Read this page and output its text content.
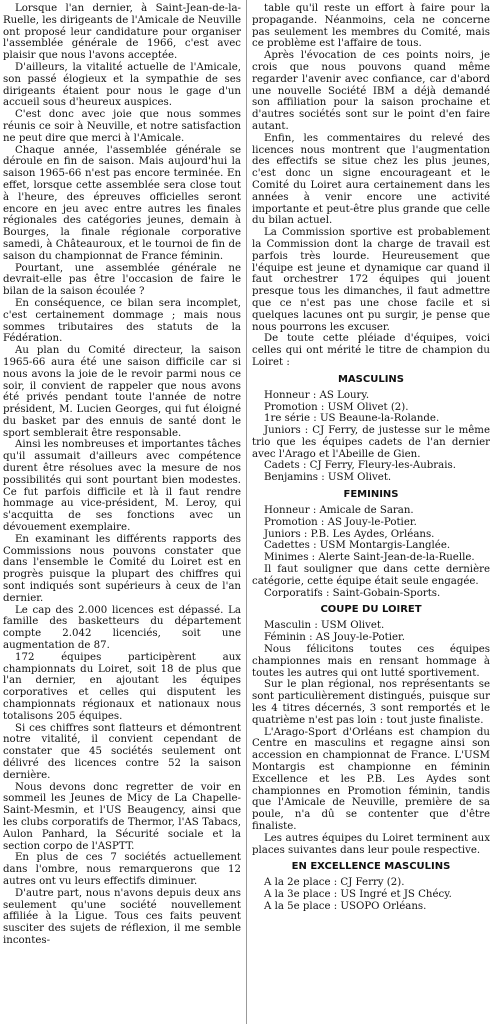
Lorsque l'an dernier, à Saint-Jean-de-la-Ruelle, les dirigeants de l'Amicale de Neuville ont proposé leur candidature pour organiser l'assemblée générale de 1966, c'est avec plaisir que nous l'avons acceptée.

D'ailleurs, la vitalité actuelle de l'Amicale, son passé élogieux et la sympathie de ses dirigeants étaient pour nous le gage d'un accueil sous d'heureux auspices.

C'est donc avec joie que nous sommes réunis ce soir à Neuville, et notre satisfaction ne peut dire que merci à l'Amicale.

Chaque année, l'assemblée générale se déroule en fin de saison. Mais aujourd'hui la saison 1965-66 n'est pas encore terminée. En effet, lorsque cette assemblée sera close tout à l'heure, des épreuves officielles seront encore en jeu avec entre autres les finales régionales des catégories jeunes, demain à Bourges, la finale régionale corporative samedi, à Châteauroux, et le tournoi de fin de saison du championnat de France féminin.

Pourtant, une assemblée générale ne devrait-elle pas être l'occasion de faire le bilan de la saison écoulée ?

En conséquence, ce bilan sera incomplet, c'est certainement dommage ; mais nous sommes tributaires des statuts de la Fédération.

Au plan du Comité directeur, la saison 1965-66 aura été une saison difficile car si nous avons la joie de le revoir parmi nous ce soir, il convient de rappeler que nous avons été privés pendant toute l'année de notre président, M. Lucien Georges, qui fut éloigné du basket par des ennuis de santé dont le sport semblerait être responsable.

Ainsi les nombreuses et importantes tâches qu'il assumait d'ailleurs avec compétence durent être résolues avec la mesure de nos possibilités qui sont pourtant bien modestes. Ce fut parfois difficile et là il faut rendre hommage au vice-président, M. Leroy, qui s'acquitta de ses fonctions avec un dévouement exemplaire.

En examinant les différents rapports des Commissions nous pouvons constater que dans l'ensemble le Comité du Loiret est en progrès puisque la plupart des chiffres qui sont indiqués sont supérieurs à ceux de l'an dernier.

Le cap des 2.000 licences est dépassé. La famille des basketteurs du département compte 2.042 licenciés, soit une augmentation de 87.

172 équipes participèrent aux championnats du Loiret, soit 18 de plus que l'an dernier, en ajoutant les équipes corporatives et celles qui disputent les championnats régionaux et nationaux nous totalisons 205 équipes.

Si ces chiffres sont flatteurs et démontrent notre vitalité, il convient cependant de constater que 45 sociétés seulement ont délivré des licences contre 52 la saison dernière.

Nous devons donc regretter de voir en sommeil les Jeunes de Micy de La Chapelle-Saint-Mesmin, et l'US Beaugency, ainsi que les clubs corporatifs de Thermor, l'AS Tabacs, Aulon Panhard, la Sécurité sociale et la section corpo de l'ASPTT.

En plus de ces 7 sociétés actuellement dans l'ombre, nous remarquerons que 12 autres ont vu leurs effectifs diminuer.

D'autre part, nous n'avons depuis deux ans seulement qu'une société nouvellement affiliée à la Ligue. Tous ces faits peuvent susciter des sujets de réflexion, il me semble incontes-

table qu'il reste un effort à faire pour la propagande. Néanmoins, cela ne concerne pas seulement les membres du Comité, mais ce problème est l'affaire de tous.

Après l'évocation de ces points noirs, je crois que nous pouvons quand même regarder l'avenir avec confiance, car d'abord une nouvelle Société IBM a déjà demandé son affiliation pour la saison prochaine et d'autres sociétés sont sur le point d'en faire autant.

Enfin, les commentaires du relevé des licences nous montrent que l'augmentation des effectifs se situe chez les plus jeunes, c'est donc un signe encourageant et le Comité du Loiret aura certainement dans les années à venir encore une activité importante et peut-être plus grande que celle du bilan actuel.

La Commission sportive est probablement la Commission dont la charge de travail est parfois très lourde. Heureusement que l'équipe est jeune et dynamique car quand il faut orchestrer 172 équipes qui jouent presque tous les dimanches, il faut admettre que ce n'est pas une chose facile et si quelques lacunes ont pu surgir, je pense que nous pourrons les excuser.

De toute cette pléiade d'équipes, voici celles qui ont mérité le titre de champion du Loiret :

MASCULINS

Honneur : AS Loury.

Promotion : USM Olivet (2).

1re série : US Beaune-la-Rolande.

Juniors : CJ Ferry, de justesse sur le même trio que les équipes cadets de l'an dernier avec l'Arago et l'Abeille de Gien.

Cadets : CJ Ferry, Fleury-les-Aubrais.

Benjamins : USM Olivet.

FEMININS

Honneur : Amicale de Saran.

Promotion : AS Jouy-le-Potier.

Juniors : P.B. Les Aydes, Orléans.

Cadettes : USM Montargis-Langlée.

Minimes : Alerte Saint-Jean-de-la-Ruelle.

Il faut souligner que dans cette dernière catégorie, cette équipe était seule engagée.

Corporatifs : Saint-Gobain-Sports.

COUPE DU LOIRET

Masculin : USM Olivet.

Féminin : AS Jouy-le-Potier.

Nous félicitons toutes ces équipes championnes mais en rensant hommage à toutes les autres qui ont lutté sportivement.

Sur le plan régional, nos représentants se sont particulièrement distingués, puisque sur les 4 titres décernés, 3 sont remportés et le quatrième n'est pas loin : tout juste finaliste.

L'Arago-Sport d'Orléans est champion du Centre en masculins et regagne ainsi son accession en championnat de France. L'USM Montargis est championne en féminin Excellence et les P.B. Les Aydes sont championnes en Promotion féminin, tandis que l'Amicale de Neuville, première de sa poule, n'a dû se contenter que d'être finaliste.

Les autres équipes du Loiret terminent aux places suivantes dans leur poule respective.

EN EXCELLENCE MASCULINS

A la 2e place : CJ Ferry (2).

A la 3e place : US Ingré et JS Chécy.

A la 5e place : USOPO Orléans.
